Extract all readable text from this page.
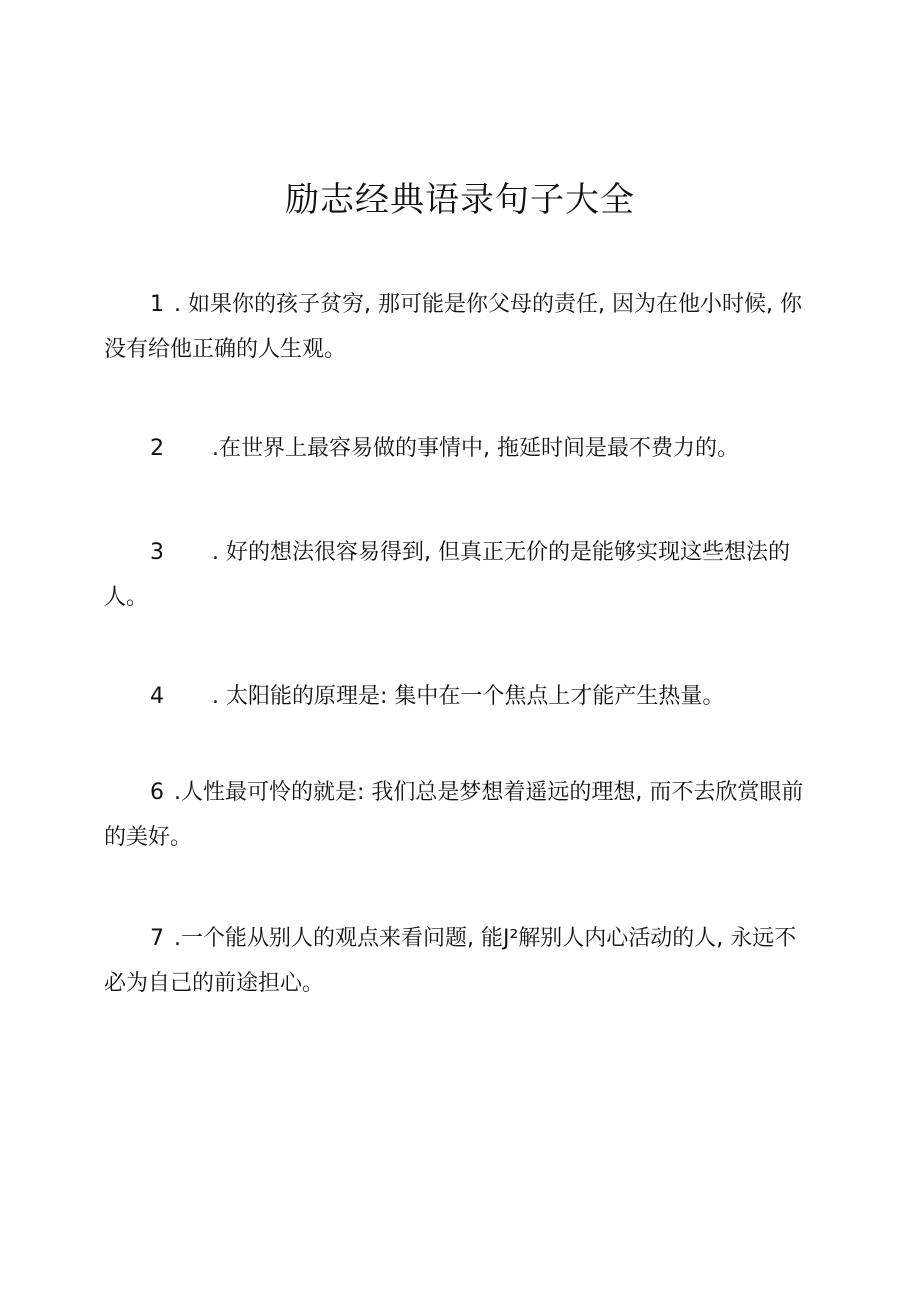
励志经典语录句子大全

1 . 如果你的孩子贫穷, 那可能是你父母的责任, 因为在他小时候, 你没有给他正确的人生观。

2 .在世界上最容易做的事情中, 拖延时间是最不费力的。

3 . 好的想法很容易得到, 但真正无价的是能够实现这些想法的人。

4 . 太阳能的原理是: 集中在一个焦点上才能产生热量。

6 .人性最可怜的就是: 我们总是梦想着遥远的理想, 而不去欣赏眼前的美好。

7 .一个能从别人的观点来看问题, 能J²解别人内心活动的人, 永远不必为自己的前途担心。
